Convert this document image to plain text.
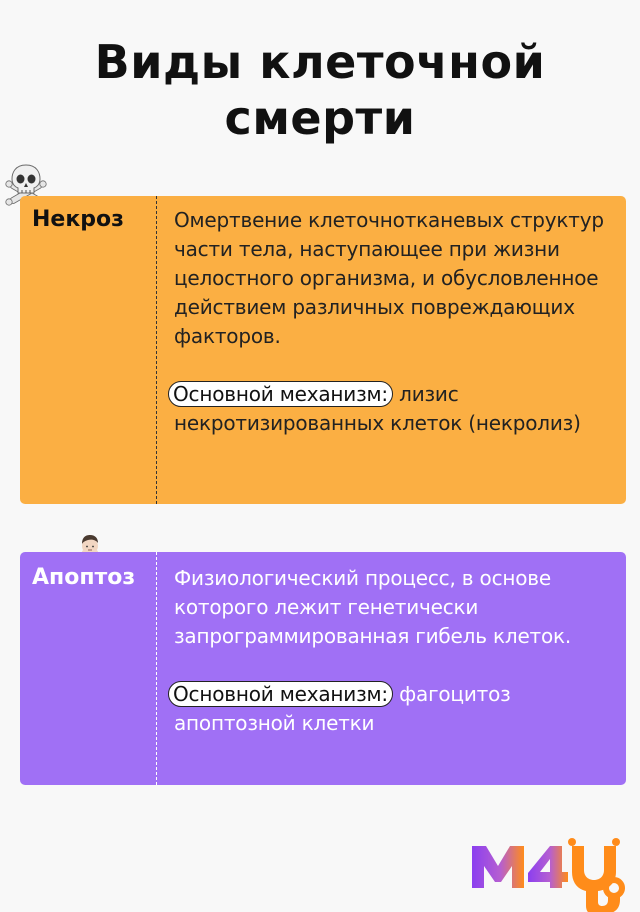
Виды клеточной
смерти
Некроз	Омертвение клеточнотканевых структур части тела, наступающее при жизни целостного организма, и обусловленное действием различных повреждающих факторов.

Основной механизм: лизис некротизированных клеток (некролиз)

Апоптоз Физиологический процесс, в основе которого лежит генетически запрограммированная гибель клеток.

Основной механизм: фагоцитоз апоптозной клетки
